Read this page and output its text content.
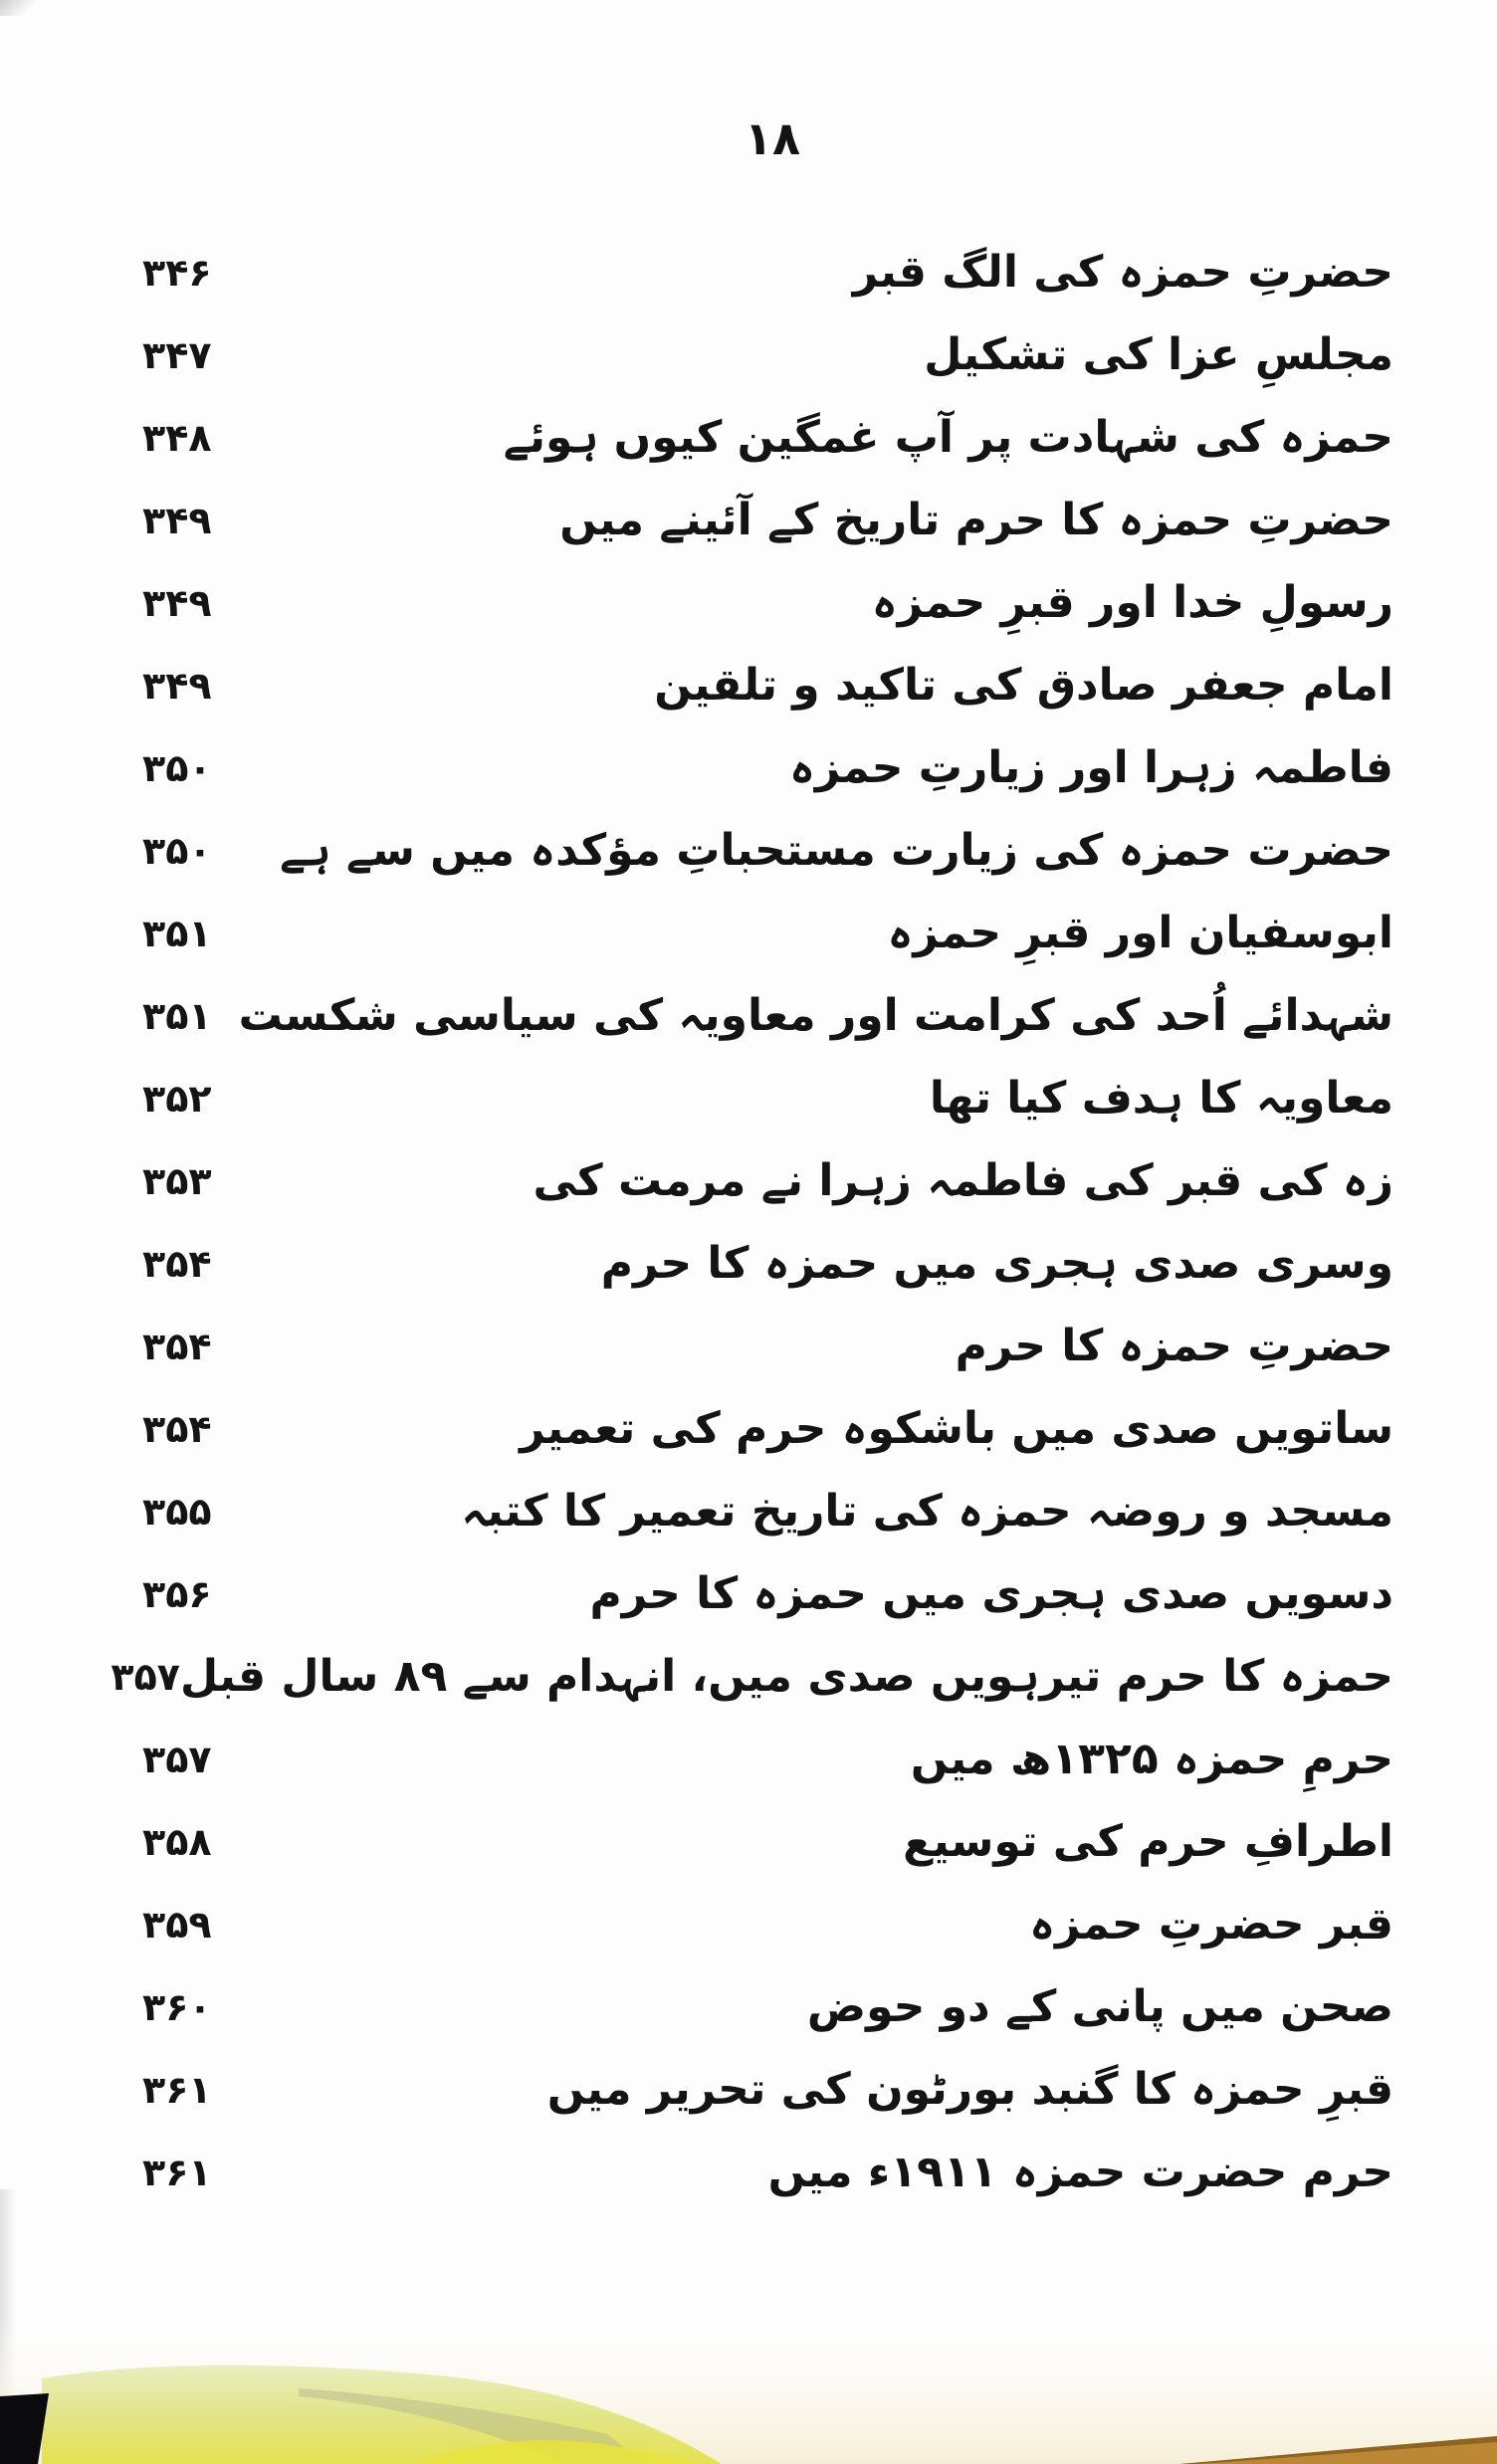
۱۸
حضرتِ حمزہ کی الگ قبر
۳۴۶
مجلسِ عزا کی تشکیل
۳۴۷
حمزہ کی شہادت پر آپ غمگین کیوں ہوئے
۳۴۸
حضرتِ حمزہ کا حرم تاریخ کے آئینے میں
۳۴۹
رسولِ خدا اور قبرِ حمزہ
۳۴۹
امام جعفر صادق کی تاکید و تلقین
۳۴۹
فاطمہ زہرا اور زیارتِ حمزہ
۳۵۰
حضرت حمزہ کی زیارت مستحباتِ مؤکدہ میں سے ہے
۳۵۰
ابوسفیان اور قبرِ حمزہ
۳۵۱
شہدائے اُحد کی کرامت اور معاویہ کی سیاسی شکست
۳۵۱
معاویہ کا ہدف کیا تھا
۳۵۲
زہ کی قبر کی فاطمہ زہرا نے مرمت کی
۳۵۳
وسری صدی ہجری میں حمزہ کا حرم
۳۵۴
حضرتِ حمزہ کا حرم
۳۵۴
ساتویں صدی میں باشکوہ حرم کی تعمیر
۳۵۴
مسجد و روضہ حمزہ کی تاریخ تعمیر کا کتبہ
۳۵۵
دسویں صدی ہجری میں حمزہ کا حرم
۳۵۶
حمزہ کا حرم تیرہویں صدی میں، انہدام سے ۸۹ سال قبل
۳۵۷
حرمِ حمزہ ۱۳۲۵ھ میں
۳۵۷
اطرافِ حرم کی توسیع
۳۵۸
قبر حضرتِ حمزہ
۳۵۹
صحن میں پانی کے دو حوض
۳۶۰
قبرِ حمزہ کا گنبد بورٹون کی تحریر میں
۳۶۱
حرم حضرت حمزہ ۱۹۱۱ء میں
۳۶۱
